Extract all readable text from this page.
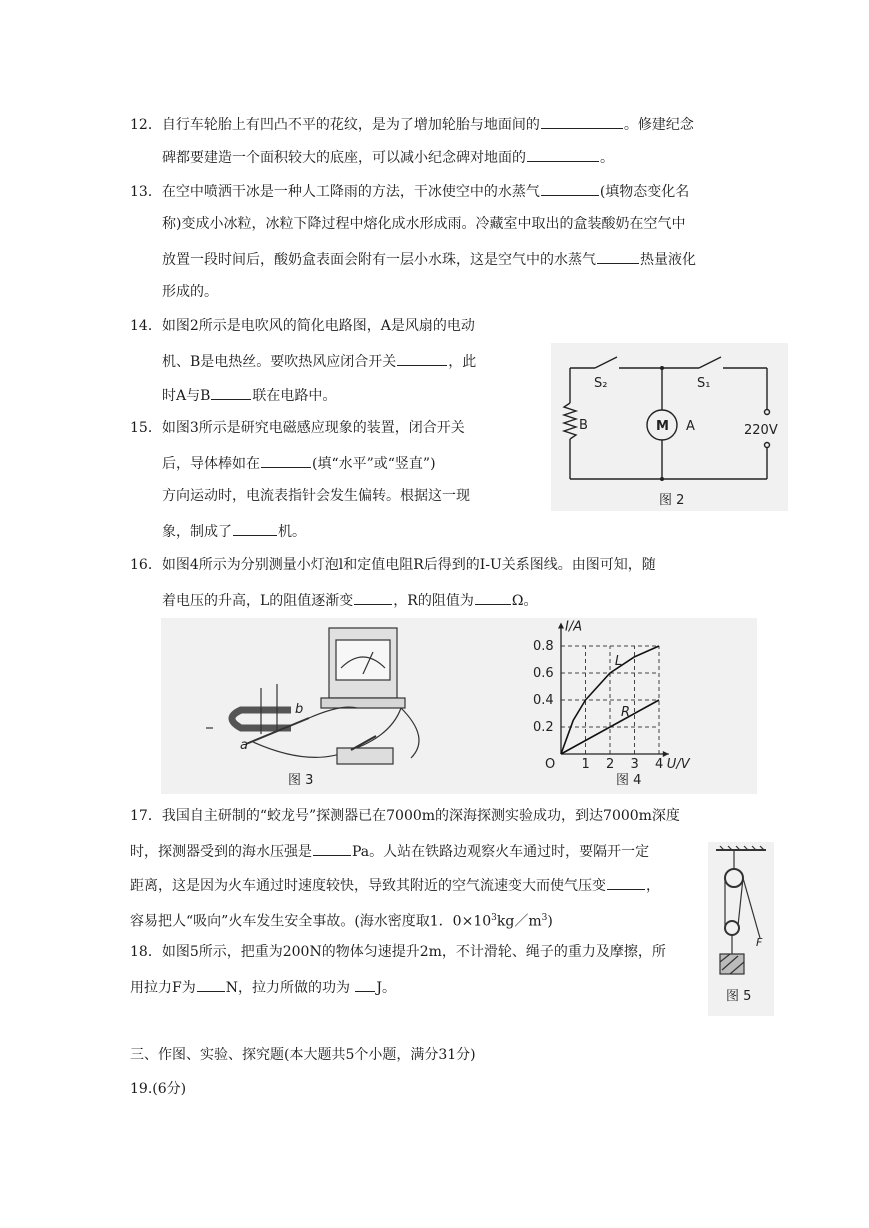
12．自行车轮胎上有凹凸不平的花纹，是为了增加轮胎与地面间的	。修建纪念
碑都要建造一个面积较大的底座，可以减小纪念碑对地面的	。
13．在空中喷洒干冰是一种人工降雨的方法，干冰使空中的水蒸气	(填物态变化名
称)变成小冰粒，冰粒下降过程中熔化成水形成雨。冷藏室中取出的盒装酸奶在空气中
放置一段时间后，酸奶盒表面会附有一层小水珠，这是空气中的水蒸气	热量液化
形成的。
14．如图2所示是电吹风的简化电路图，A是风扇的电动
机、B是电热丝。要吹热风应闭合开关	，此
时A与B	联在电路中。
15．如图3所示是研究电磁感应现象的装置，闭合开关
后，导体棒如在	(填“水平”或“竖直”)
方向运动时，电流表指针会发生偏转。根据这一现
象，制成了	机。
S₂	S₁
B	M A	220V
图 2
16．如图4所示为分别测量小灯泡l和定值电阻R后得到的I-U关系图线。由图可知，随
着电压的升高，L的阻值逐渐变	，R的阻值为	Ω。
a
b
图 3
1 2 3 4
0.2
0.4
0.6
0.8
O	U/V
I/A
L
R
图 4
17．我国自主研制的“蛟龙号”探测器已在7000m的深海探测实验成功，到达7000m深度
时，探测器受到的海水压强是	Pa。人站在铁路边观察火车通过时，要隔开一定
距离，这是因为火车通过时速度较快，导致其附近的空气流速变大而使气压变	，
容易把人“吸向”火车发生安全事故。(海水密度取1．$0\times 10^3kg/m^3$)
18．如图5所示，把重为200N的物体匀速提升2m，不计滑轮、绳子的重力及摩擦，所
用拉力F为 N，拉力所做的功为 J。
F
图 5
三、作图、实验、探究题(本大题共5个小题，满分31分)
19.(6分)
